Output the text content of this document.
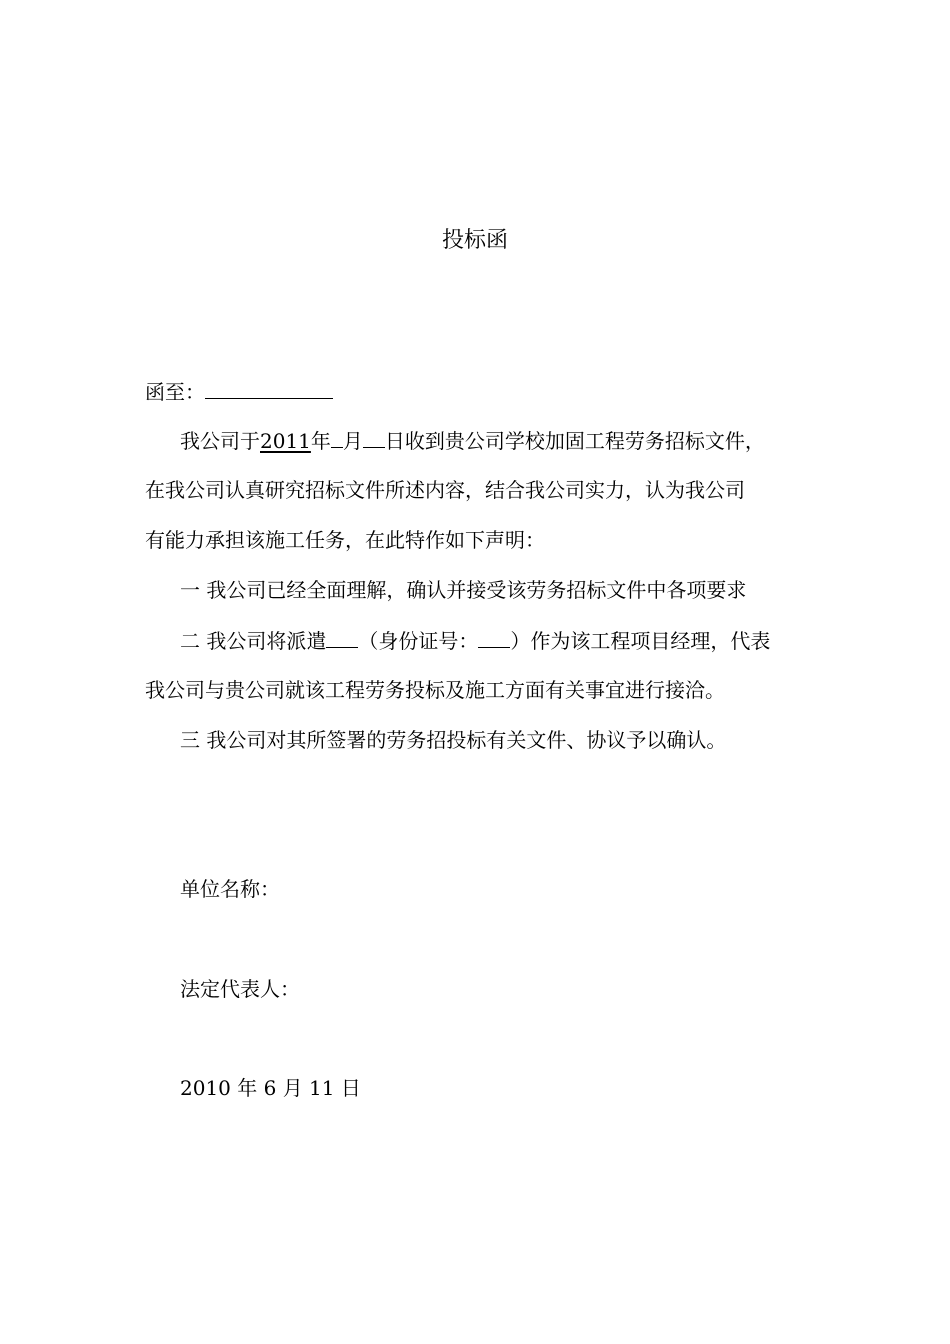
投标函
函至：
我公司于2011年 月 日收到贵公司学校加固工程劳务招标文件，
在我公司认真研究招标文件所述内容，结合我公司实力，认为我公司
有能力承担该施工任务，在此特作如下声明：
一 我公司已经全面理解，确认并接受该劳务招标文件中各项要求
二 我公司将派遣 （身份证号： ）作为该工程项目经理，代表
我公司与贵公司就该工程劳务投标及施工方面有关事宜进行接洽。
三 我公司对其所签署的劳务招投标有关文件、协议予以确认。
单位名称：
法定代表人：
2010 年 6 月 11 日
